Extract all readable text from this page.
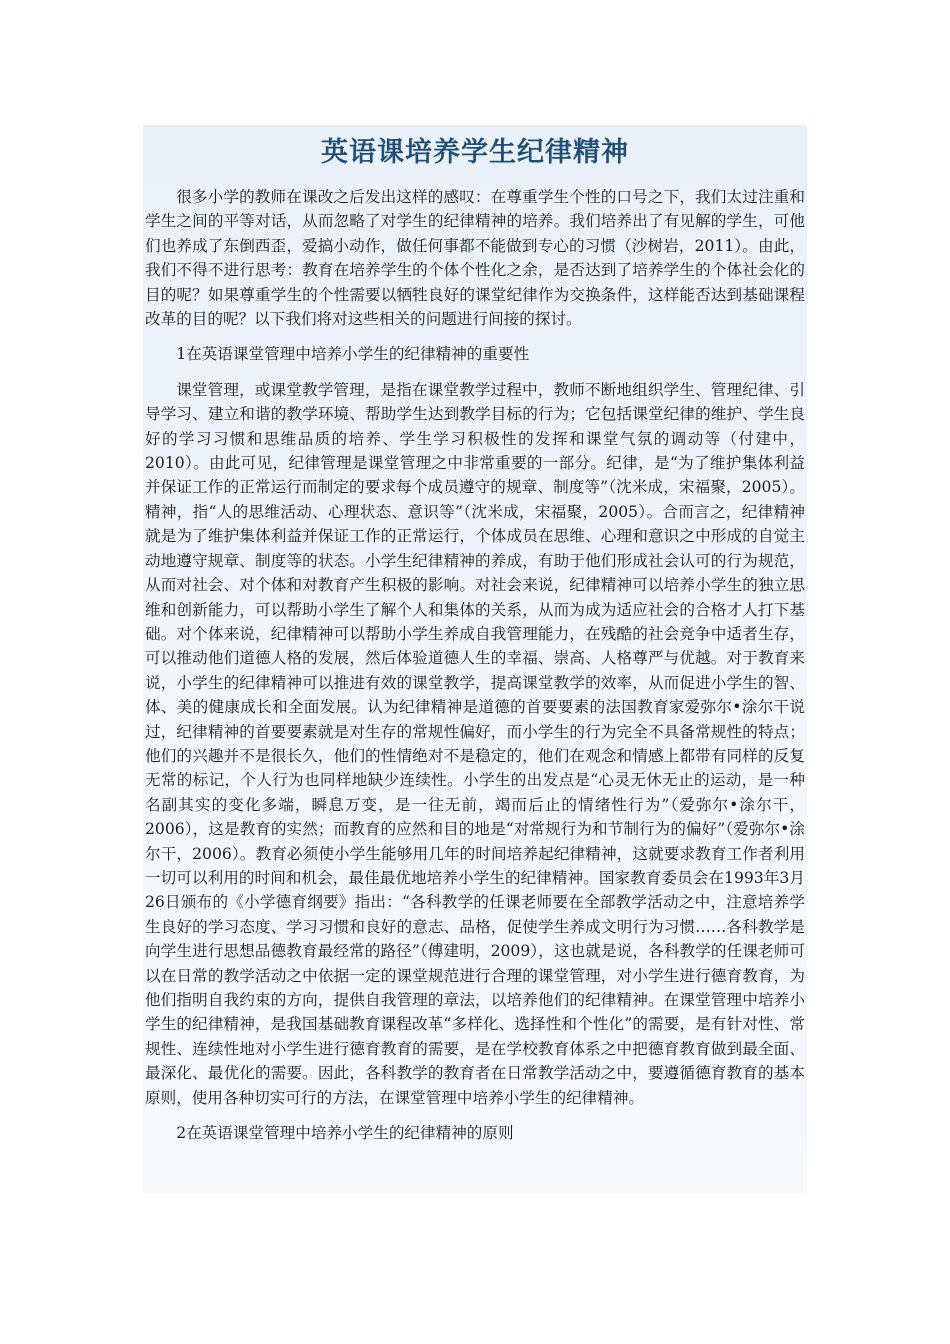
英语课培养学生纪律精神

很多小学的教师在课改之后发出这样的感叹：在尊重学生个性的口号之下，我们太过注重和学生之间的平等对话，从而忽略了对学生的纪律精神的培养。我们培养出了有见解的学生，可他们也养成了东倒西歪，爱搞小动作，做任何事都不能做到专心的习惯（沙树岩，2011）。由此，我们不得不进行思考：教育在培养学生的个体个性化之余，是否达到了培养学生的个体社会化的目的呢？如果尊重学生的个性需要以牺牲良好的课堂纪律作为交换条件，这样能否达到基础课程改革的目的呢？以下我们将对这些相关的问题进行间接的探讨。

1在英语课堂管理中培养小学生的纪律精神的重要性

课堂管理，或课堂教学管理，是指在课堂教学过程中，教师不断地组织学生、管理纪律、引导学习、建立和谐的教学环境、帮助学生达到教学目标的行为；它包括课堂纪律的维护、学生良好的学习习惯和思维品质的培养、学生学习积极性的发挥和课堂气氛的调动等（付建中，2010）。由此可见，纪律管理是课堂管理之中非常重要的一部分。纪律，是“为了维护集体利益并保证工作的正常运行而制定的要求每个成员遵守的规章、制度等”（沈米成，宋福聚，2005）。精神，指“人的思维活动、心理状态、意识等”（沈米成，宋福聚，2005）。合而言之，纪律精神就是为了维护集体利益并保证工作的正常运行，个体成员在思维、心理和意识之中形成的自觉主动地遵守规章、制度等的状态。小学生纪律精神的养成，有助于他们形成社会认可的行为规范，从而对社会、对个体和对教育产生积极的影响。对社会来说，纪律精神可以培养小学生的独立思维和创新能力，可以帮助小学生了解个人和集体的关系，从而为成为适应社会的合格才人打下基础。对个体来说，纪律精神可以帮助小学生养成自我管理能力，在残酷的社会竞争中适者生存，可以推动他们道德人格的发展，然后体验道德人生的幸福、崇高、人格尊严与优越。对于教育来说，小学生的纪律精神可以推进有效的课堂教学，提高课堂教学的效率，从而促进小学生的智、体、美的健康成长和全面发展。认为纪律精神是道德的首要要素的法国教育家爱弥尔•涂尔干说过，纪律精神的首要要素就是对生存的常规性偏好，而小学生的行为完全不具备常规性的特点；他们的兴趣并不是很长久，他们的性情绝对不是稳定的，他们在观念和情感上都带有同样的反复无常的标记，个人行为也同样地缺少连续性。小学生的出发点是“心灵无休无止的运动，是一种名副其实的变化多端，瞬息万变，是一往无前，竭而后止的情绪性行为”（爱弥尔•涂尔干，2006），这是教育的实然；而教育的应然和目的地是“对常规行为和节制行为的偏好”（爱弥尔•涂尔干，2006）。教育必须使小学生能够用几年的时间培养起纪律精神，这就要求教育工作者利用一切可以利用的时间和机会，最佳最优地培养小学生的纪律精神。国家教育委员会在1993年3月26日颁布的《小学德育纲要》指出：“各科教学的任课老师要在全部教学活动之中，注意培养学生良好的学习态度、学习习惯和良好的意志、品格，促使学生养成文明行为习惯……各科教学是向学生进行思想品德教育最经常的路径”（傅建明，2009），这也就是说，各科教学的任课老师可以在日常的教学活动之中依据一定的课堂规范进行合理的课堂管理，对小学生进行德育教育，为他们指明自我约束的方向，提供自我管理的章法，以培养他们的纪律精神。在课堂管理中培养小学生的纪律精神，是我国基础教育课程改革“多样化、选择性和个性化”的需要，是有针对性、常规性、连续性地对小学生进行德育教育的需要，是在学校教育体系之中把德育教育做到最全面、最深化、最优化的需要。因此，各科教学的教育者在日常教学活动之中，要遵循德育教育的基本原则，使用各种切实可行的方法，在课堂管理中培养小学生的纪律精神。

2在英语课堂管理中培养小学生的纪律精神的原则
